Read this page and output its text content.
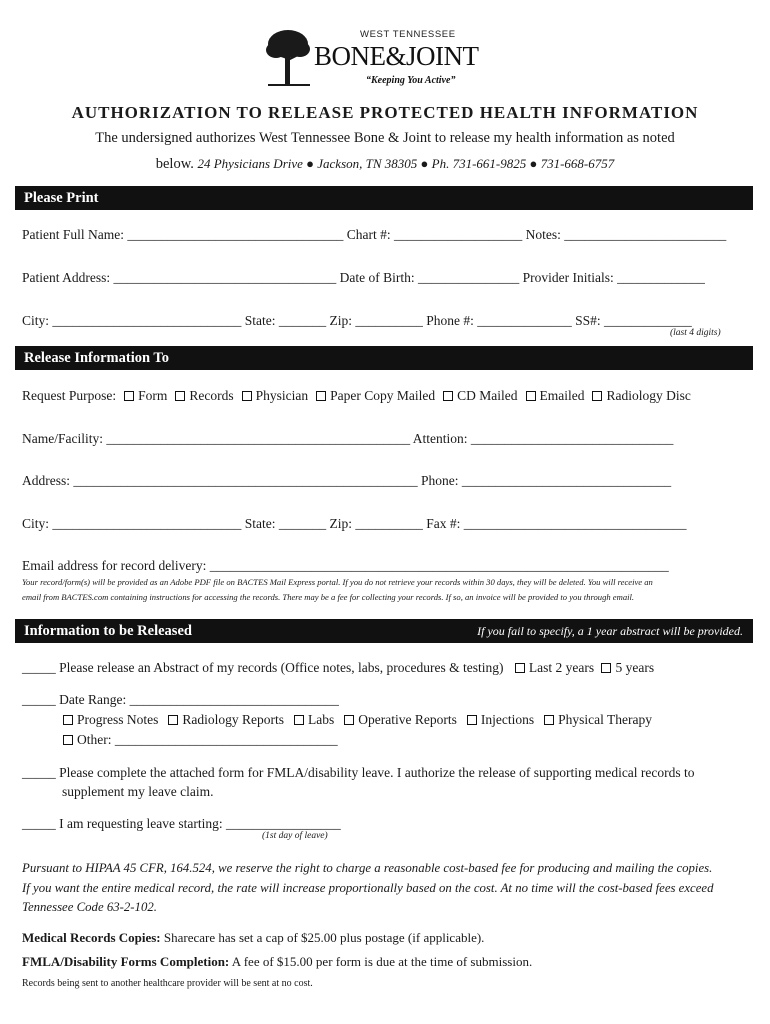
WEST TENNESSEE
BONE&JOINT
“Keeping You Active”
AUTHORIZATION TO RELEASE PROTECTED HEALTH INFORMATION
The undersigned authorizes West Tennessee Bone & Joint to release my health information as noted
below. 24 Physicians Drive ● Jackson, TN 38305 ● Ph. 731-661-9825 ● 731-668-6757
Please Print
Patient Full Name: ________________________________ Chart #: ___________________ Notes: ________________________
Patient Address: _________________________________ Date of Birth: _______________ Provider Initials: _____________
City: ____________________________ State: _______ Zip: __________ Phone #: ______________ SS#: _____________
(last 4 digits)
Release Information To
Request Purpose: Form Records Physician Paper Copy Mailed CD Mailed Emailed Radiology Disc
Name/Facility: _____________________________________________ Attention: ______________________________
Address: ___________________________________________________ Phone: _______________________________
City: ____________________________ State: _______ Zip: __________ Fax #: _________________________________
Email address for record delivery: ____________________________________________________________________
Your record/form(s) will be provided as an Adobe PDF file on BACTES Mail Express portal. If you do not retrieve your records within 30 days, they will be deleted. You will receive an
email from BACTES.com containing instructions for accessing the records. There may be a fee for collecting your records. If so, an invoice will be provided to you through email.
Information to be Released	If you fail to specify, a 1 year abstract will be provided.
_____ Please release an Abstract of my records (Office notes, labs, procedures & testing) Last 2 years 5 years
_____ Date Range: _______________________________
Progress Notes Radiology Reports Labs Operative Reports Injections Physical Therapy
Other: _________________________________
_____ Please complete the attached form for FMLA/disability leave. I authorize the release of supporting medical records to
supplement my leave claim.
_____ I am requesting leave starting: _________________
(1st day of leave)
Pursuant to HIPAA 45 CFR, 164.524, we reserve the right to charge a reasonable cost-based fee for producing and mailing the copies.
If you want the entire medical record, the rate will increase proportionally based on the cost. At no time will the cost-based fees exceed
Tennessee Code 63-2-102.
Medical Records Copies: Sharecare has set a cap of $25.00 plus postage (if applicable).
FMLA/Disability Forms Completion: A fee of $15.00 per form is due at the time of submission.
Records being sent to another healthcare provider will be sent at no cost.
